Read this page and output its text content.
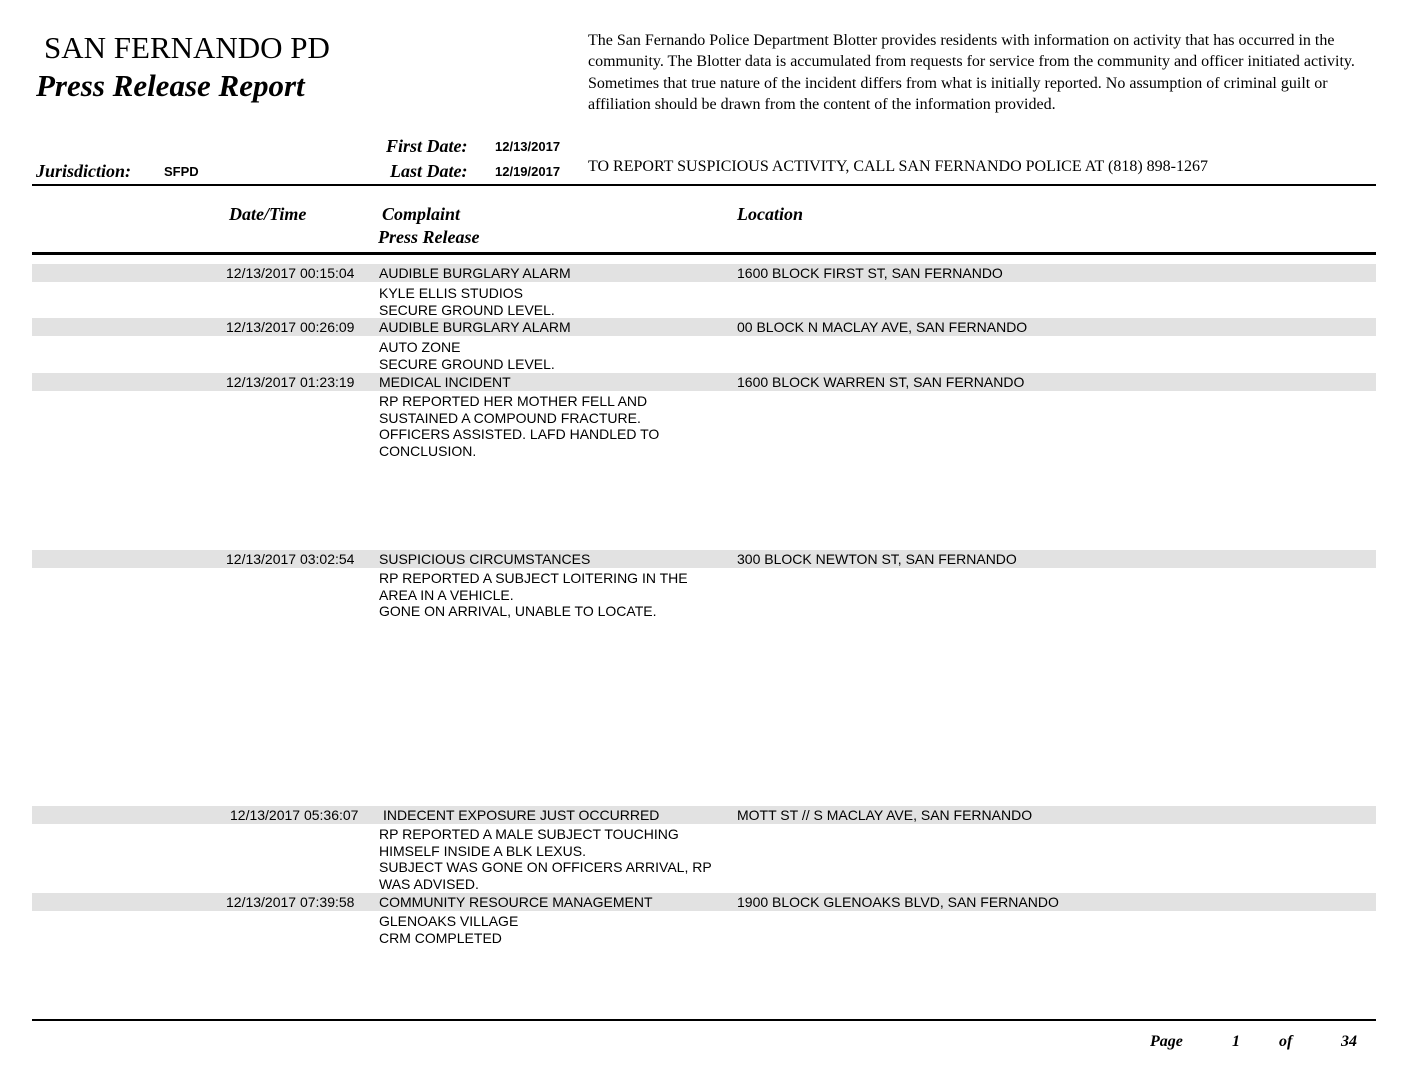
SAN FERNANDO PD
Press Release Report
The San Fernando Police Department Blotter provides residents with information on activity that has occurred in the community. The Blotter data is accumulated from requests for service from the community and officer initiated activity. Sometimes that true nature of the incident differs from what is initially reported. No assumption of criminal guilt or affiliation should be drawn from the content of the information provided.
First Date: 12/13/2017
Jurisdiction:	SFPD	Last Date: 12/19/2017 TO REPORT SUSPICIOUS ACTIVITY, CALL SAN FERNANDO POLICE AT (818) 898-1267
Date/Time	Complaint
Press Release
Location
12/13/2017 00:15:04 AUDIBLE BURGLARY ALARM	1600 BLOCK FIRST ST, SAN FERNANDO
KYLE ELLIS STUDIOS
SECURE GROUND LEVEL.
12/13/2017 00:26:09 AUDIBLE BURGLARY ALARM	00 BLOCK N MACLAY AVE, SAN FERNANDO
AUTO ZONE
SECURE GROUND LEVEL.
12/13/2017 01:23:19 MEDICAL INCIDENT	1600 BLOCK WARREN ST, SAN FERNANDO
RP REPORTED HER MOTHER FELL AND
SUSTAINED A COMPOUND FRACTURE.
OFFICERS ASSISTED. LAFD HANDLED TO
CONCLUSION.
12/13/2017 03:02:54 SUSPICIOUS CIRCUMSTANCES	300 BLOCK NEWTON ST, SAN FERNANDO
RP REPORTED A SUBJECT LOITERING IN THE
AREA IN A VEHICLE.
GONE ON ARRIVAL, UNABLE TO LOCATE.
12/13/2017 05:36:07 INDECENT EXPOSURE JUST OCCURRED	MOTT ST // S MACLAY AVE, SAN FERNANDO
RP REPORTED A MALE SUBJECT TOUCHING
HIMSELF INSIDE A BLK LEXUS.
SUBJECT WAS GONE ON OFFICERS ARRIVAL, RP
WAS ADVISED.
12/13/2017 07:39:58 COMMUNITY RESOURCE MANAGEMENT	1900 BLOCK GLENOAKS BLVD, SAN FERNANDO
GLENOAKS VILLAGE
CRM COMPLETED
Page	1 of	34
